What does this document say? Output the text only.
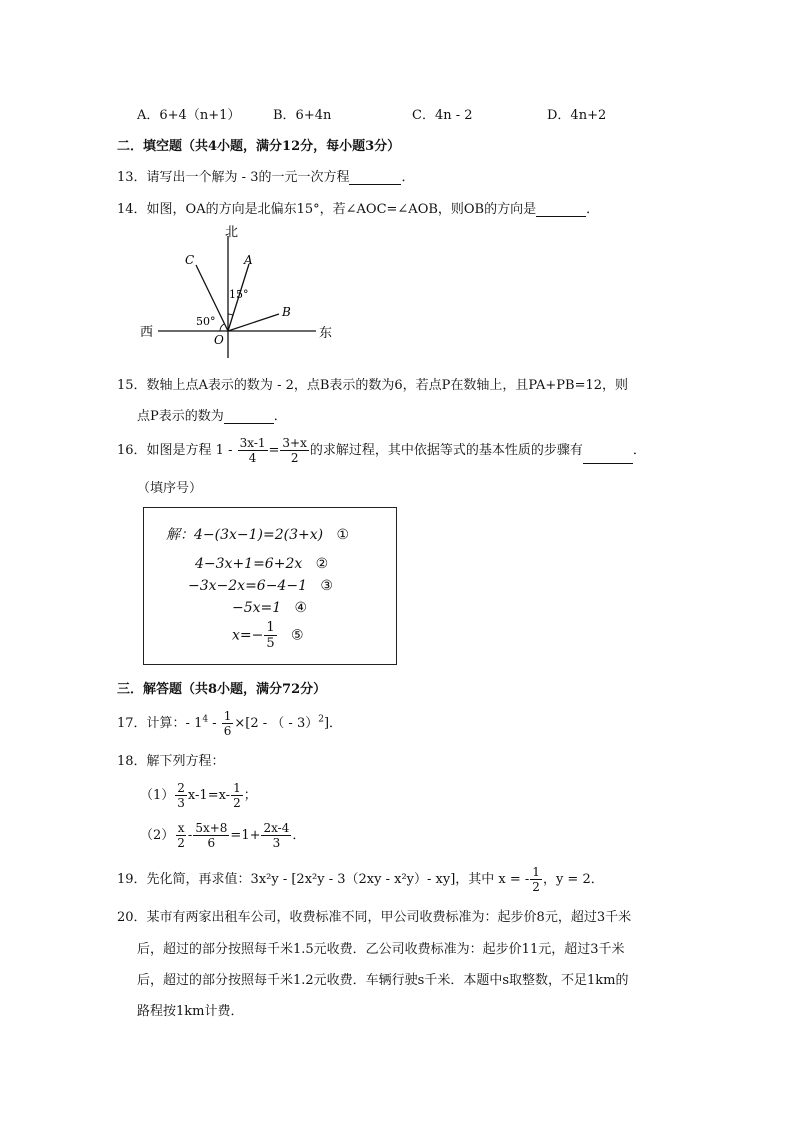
A．6+4（n+1）	B．6+4n	C．4n - 2	D．4n+2
二．填空题（共4小题，满分12分，每小题3分）
13．请写出一个解为 - 3的一元一次方程	．
14．如图，OA的方向是北偏东15°，若∠AOC=∠AOB，则OB的方向是	．
北
西	东
C	A
B
O
15°
50°
15．数轴上点A表示的数为 - 2，点B表示的数为6，若点P在数轴上，且PA+PB=12，则
点P表示的数为	．
16．如图是方程 $1 - \frac{3x-1}{4} = \frac{3+x}{2}$ 的求解过程，其中依据等式的基本性质的步骤有	．
（填序号）
解：4−(3x−1)=2(3+x) ①
4−3x+1=6+2x ②
−3x−2x=6−4−1 ③
−5x=1 ④
$x=- \frac{1}{5}$ ⑤
三．解答题（共8小题，满分72分）
17．计算：- $1^4 - \frac{1}{6} \times[2$ - （ - 3）$^2$]．
18．解下列方程：
$(1) \frac{2}{3} x-1=x- \frac{1}{2}$ ；
$(2) \frac{x}{2} - \frac{5x+8}{6} =1+ \frac{2x-4}{3}$ ．
19．先化简，再求值：3x²y - [2x²y - 3（2xy - x²y）- xy]，其中 x = - $\frac{1}{2}$ ，y = 2．
20．某市有两家出租车公司，收费标准不同，甲公司收费标准为：起步价8元，超过3千米
后，超过的部分按照每千米1.5元收费．乙公司收费标准为：起步价11元，超过3千米
后，超过的部分按照每千米1.2元收费．车辆行驶s千米．本题中s取整数，不足1km的
路程按1km计费．
